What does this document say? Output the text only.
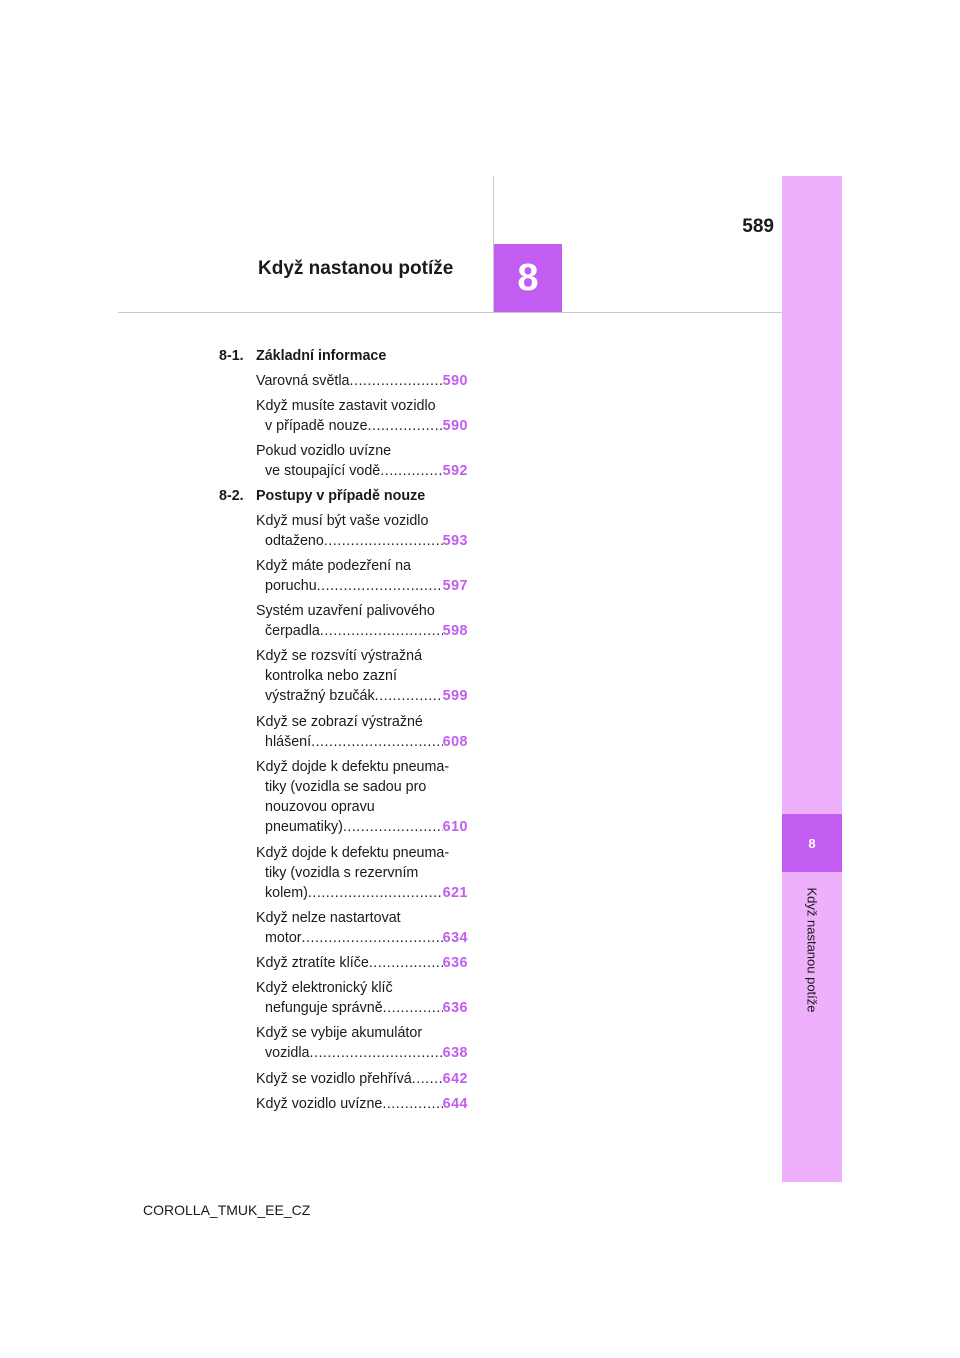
8
589
Když nastanou potíže
8
Když nastanou potíže
8-1. Základní informace
Varovná světla .....	590
Když musíte zastavit vozidlo
v případě nouze .....	590
Pokud vozidlo uvízne
ve stoupající vodě .....	592
8-2. Postupy v případě nouze
Když musí být vaše vozidlo
odtaženo .....	593
Když máte podezření na
poruchu .....	597
Systém uzavření palivového
čerpadla .....	598
Když se rozsvítí výstražná
kontrolka nebo zazní
výstražný bzučák .....	599
Když se zobrazí výstražné
hlášení .....	608
Když dojde k defektu pneuma-
tiky (vozidla se sadou pro
nouzovou opravu
pneumatiky) .....	610
Když dojde k defektu pneuma-
tiky (vozidla s rezervním
kolem) .....	621
Když nelze nastartovat
motor .....	634
Když ztratíte klíče .....	636
Když elektronický klíč
nefunguje správně .....	636
Když se vybije akumulátor
vozidla .....	638
Když se vozidlo přehřívá ..... 642
Když vozidlo uvízne .....	644
COROLLA_TMUK_EE_CZ
